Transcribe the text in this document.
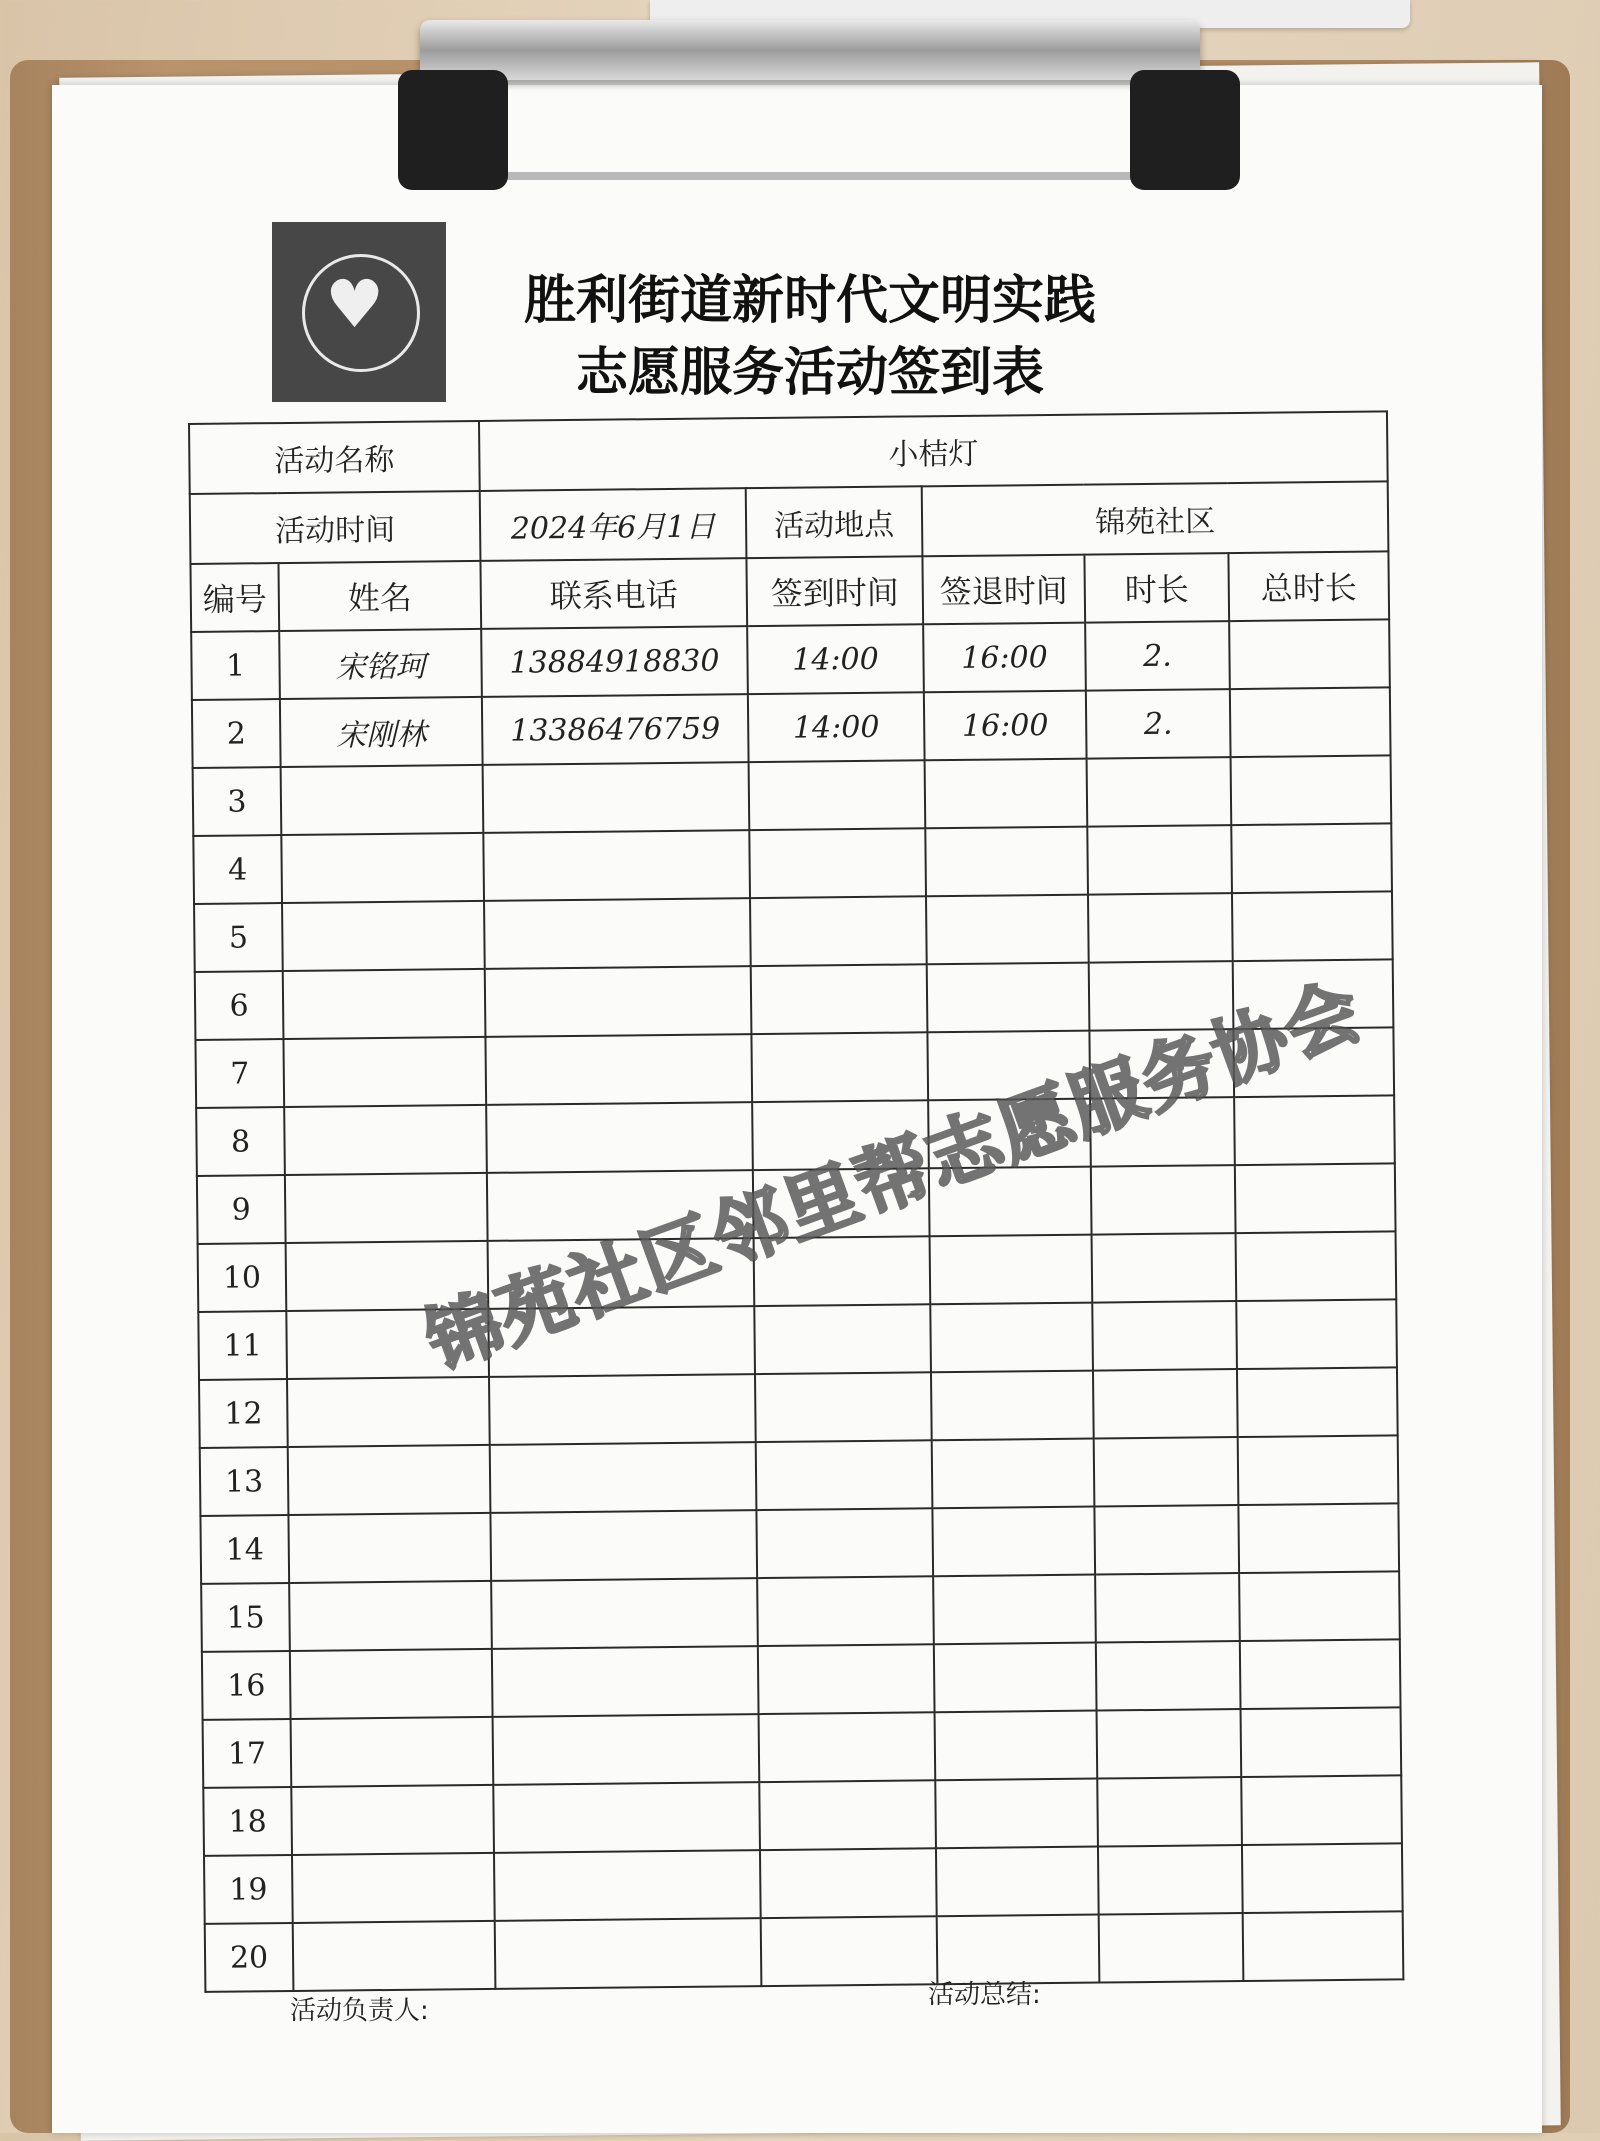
♥	胜利街道新时代文明实践
志愿服务活动签到表
活动名称		小桔灯				
活动时间		2024年6月1日	活动地点	锦苑社区		
编号	姓名	联系电话	签到时间	签退时间	时长	总时长
1	宋铭珂	13884918830	14:00	16:00	2.	
2	宋刚林	13386476759	14:00	16:00	2.	
3						
4						
5						
6						
7						
8						
9						
10						
11						
12						
13						
14						
15						
16						
17						
18						
19						
20						
锦苑社区邻里帮志愿服务协会
活动负责人:
活动总结:
